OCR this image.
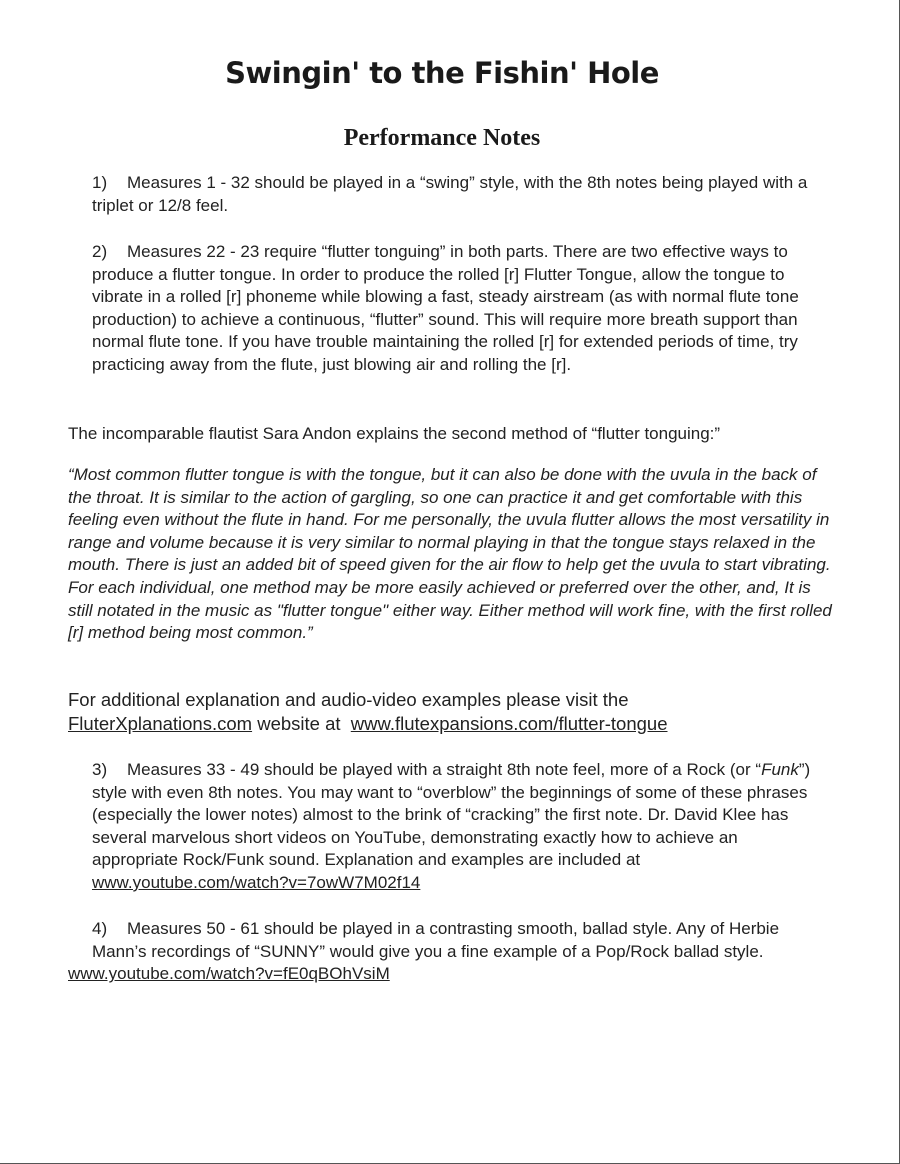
Swingin' to the Fishin' Hole
Performance Notes

1) Measures 1 - 32 should be played in a “swing” style, with the 8th notes being played with a triplet or 12/8 feel.

2) Measures 22 - 23 require “flutter tonguing” in both parts. There are two effective ways to produce a flutter tongue. In order to produce the rolled [r] Flutter Tongue, allow the tongue to vibrate in a rolled [r] phoneme while blowing a fast, steady airstream (as with normal flute tone production) to achieve a continuous, “flutter” sound. This will require more breath support than normal flute tone. If you have trouble maintaining the rolled [r] for extended periods of time, try practicing away from the flute, just blowing air and rolling the [r].

The incomparable flautist Sara Andon explains the second method of “flutter tonguing:”

“Most common flutter tongue is with the tongue, but it can also be done with the uvula in the back of the throat. It is similar to the action of gargling, so one can practice it and get comfortable with this feeling even without the flute in hand. For me personally, the uvula flutter allows the most versatility in range and volume because it is very similar to normal playing in that the tongue stays relaxed in the mouth. There is just an added bit of speed given for the air flow to help get the uvula to start vibrating. For each individual, one method may be more easily achieved or preferred over the other, and, It is still notated in the music as "flutter tongue" either way. Either method will work fine, with the first rolled [r] method being most common.”

For additional explanation and audio-video examples please visit the

FluterXplanations.com website at  www.flutexpansions.com/flutter-tongue

3) Measures 33 - 49 should be played with a straight 8th note feel, more of a Rock (or “Funk”) style with even 8th notes. You may want to “overblow” the beginnings of some of these phrases (especially the lower notes) almost to the brink of “cracking” the first note. Dr. David Klee has several marvelous short videos on YouTube, demonstrating exactly how to achieve an appropriate Rock/Funk sound. Explanation and examples are included at www.youtube.com/watch?v=7owW7M02f14

4) Measures 50 - 61 should be played in a contrasting smooth, ballad style. Any of Herbie Mann’s recordings of “SUNNY” would give you a fine example of a Pop/Rock ballad style.

www.youtube.com/watch?v=fE0qBOhVsiM
